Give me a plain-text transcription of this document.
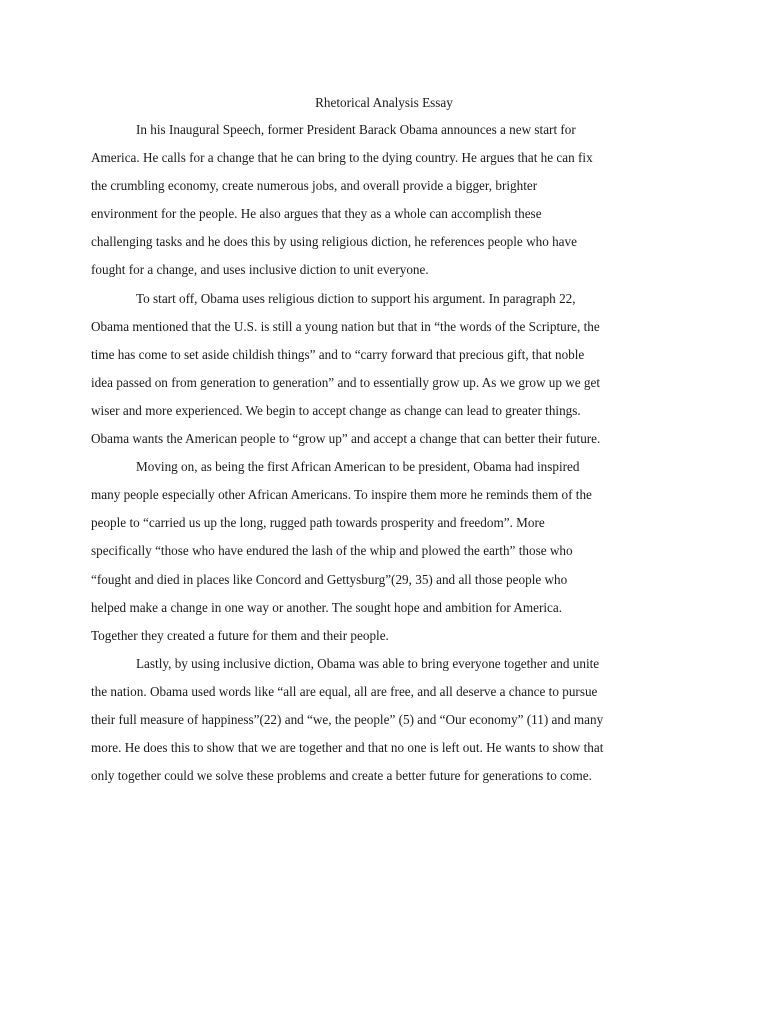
Rhetorical Analysis Essay

In his Inaugural Speech, former President Barack Obama announces a new start for
America. He calls for a change that he can bring to the dying country. He argues that he can fix
the crumbling economy, create numerous jobs, and overall provide a bigger, brighter
environment for the people. He also argues that they as a whole can accomplish these
challenging tasks and he does this by using religious diction, he references people who have
fought for a change, and uses inclusive diction to unit everyone.

To start off, Obama uses religious diction to support his argument. In paragraph 22,
Obama mentioned that the U.S. is still a young nation but that in “the words of the Scripture, the
time has come to set aside childish things” and to “carry forward that precious gift, that noble
idea passed on from generation to generation” and to essentially grow up. As we grow up we get
wiser and more experienced. We begin to accept change as change can lead to greater things.
Obama wants the American people to “grow up” and accept a change that can better their future.

Moving on, as being the first African American to be president, Obama had inspired
many people especially other African Americans. To inspire them more he reminds them of the
people to “carried us up the long, rugged path towards prosperity and freedom”. More
specifically “those who have endured the lash of the whip and plowed the earth” those who
“fought and died in places like Concord and Gettysburg”(29, 35) and all those people who
helped make a change in one way or another. The sought hope and ambition for America.
Together they created a future for them and their people.

Lastly, by using inclusive diction, Obama was able to bring everyone together and unite
the nation. Obama used words like “all are equal, all are free, and all deserve a chance to pursue
their full measure of happiness”(22) and “we, the people” (5) and “Our economy” (11) and many
more. He does this to show that we are together and that no one is left out. He wants to show that
only together could we solve these problems and create a better future for generations to come.
